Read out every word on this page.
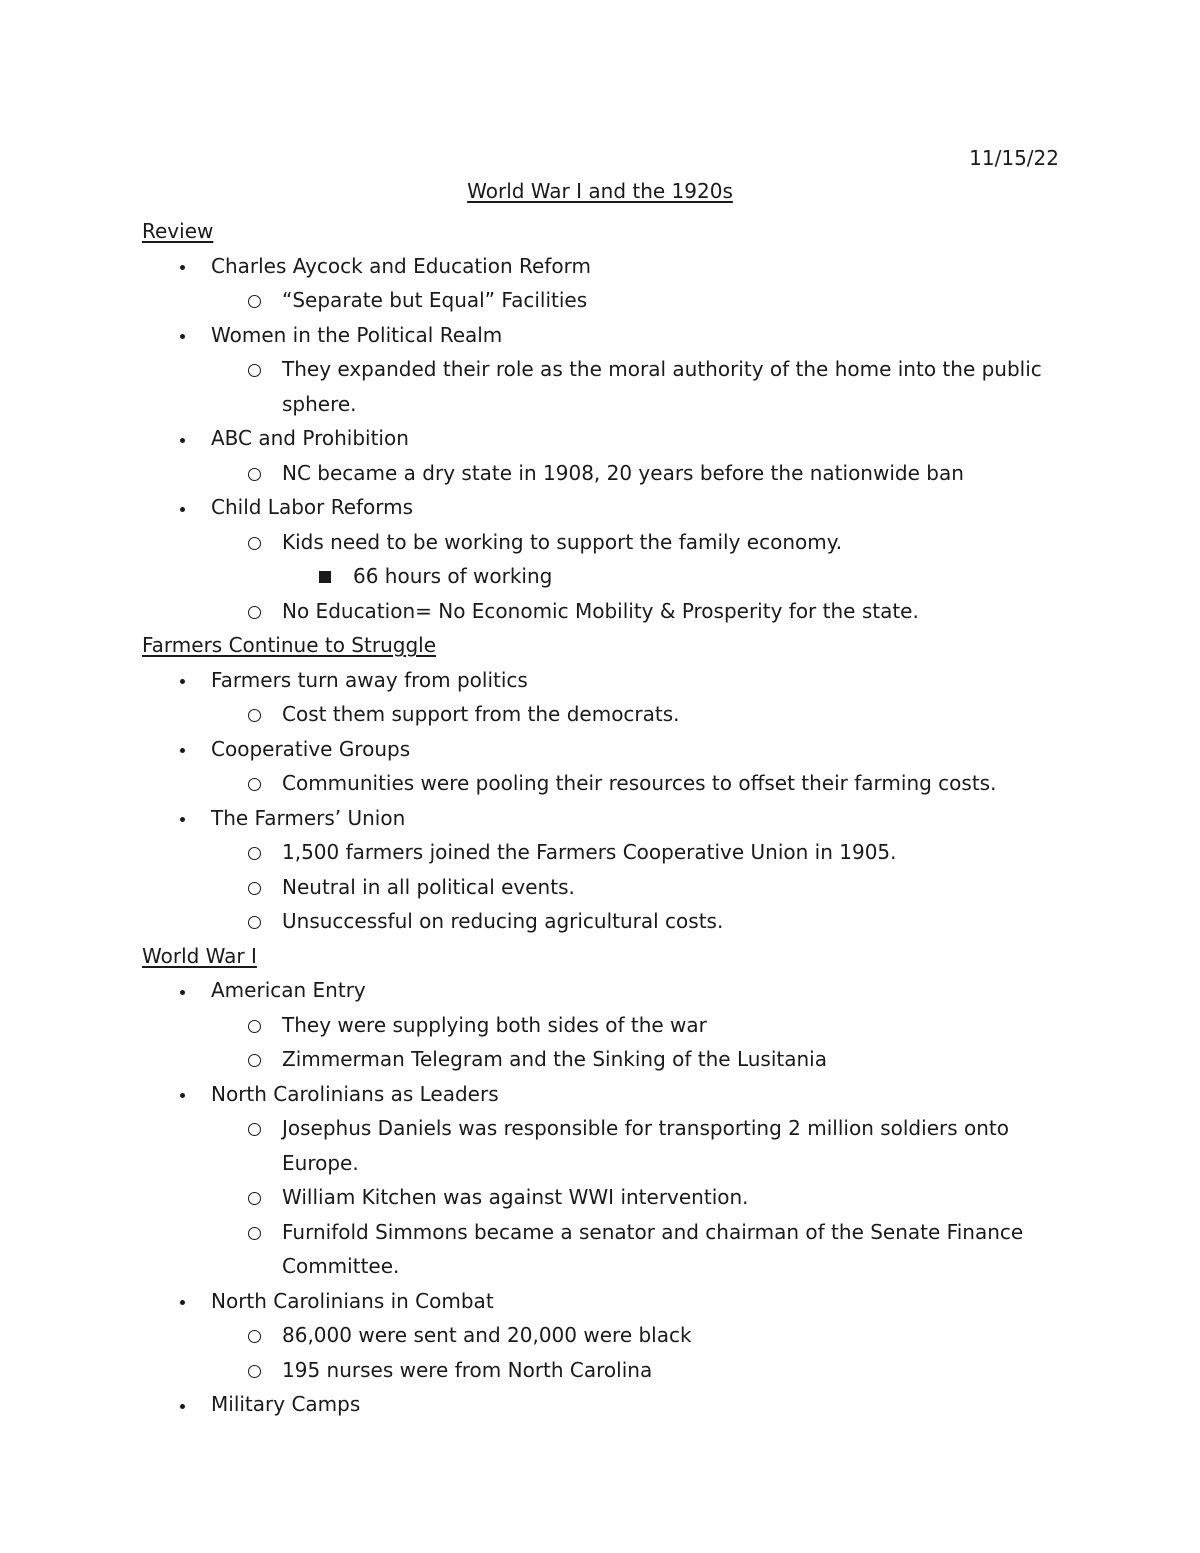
11/15/22
World War I and the 1920s
Review
Charles Aycock and Education Reform
“Separate but Equal” Facilities
Women in the Political Realm
They expanded their role as the moral authority of the home into the public sphere.
ABC and Prohibition
NC became a dry state in 1908, 20 years before the nationwide ban
Child Labor Reforms
Kids need to be working to support the family economy.
66 hours of working
No Education= No Economic Mobility & Prosperity for the state.
Farmers Continue to Struggle
Farmers turn away from politics
Cost them support from the democrats.
Cooperative Groups
Communities were pooling their resources to offset their farming costs.
The Farmers’ Union
1,500 farmers joined the Farmers Cooperative Union in 1905.
Neutral in all political events.
Unsuccessful on reducing agricultural costs.
World War I
American Entry
They were supplying both sides of the war
Zimmerman Telegram and the Sinking of the Lusitania
North Carolinians as Leaders
Josephus Daniels was responsible for transporting 2 million soldiers onto Europe.
William Kitchen was against WWI intervention.
Furnifold Simmons became a senator and chairman of the Senate Finance Committee.
North Carolinians in Combat
86,000 were sent and 20,000 were black
195 nurses were from North Carolina
Military Camps
